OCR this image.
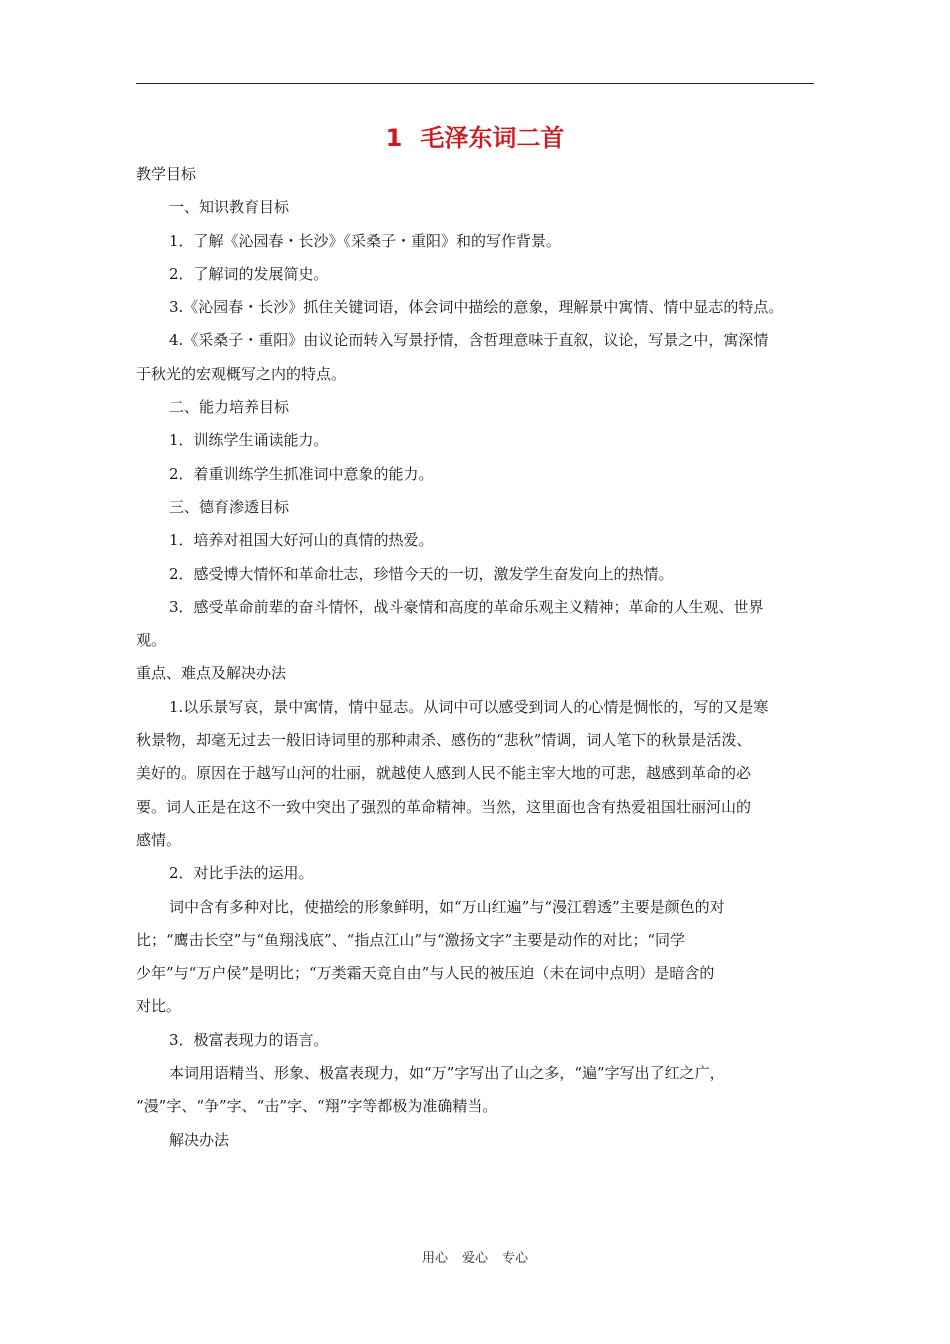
1 毛泽东词二首
教学目标
一、知识教育目标
1．了解《沁园春・长沙》《采桑子・重阳》和的写作背景。
2．了解词的发展简史。
3.《沁园春・长沙》抓住关键词语，体会词中描绘的意象，理解景中寓情、情中显志的特点。
4.《采桑子・重阳》由议论而转入写景抒情，含哲理意味于直叙，议论，写景之中，寓深情
于秋光的宏观概写之内的特点。
二、能力培养目标
1．训练学生诵读能力。
2．着重训练学生抓准词中意象的能力。
三、德育渗透目标
1．培养对祖国大好河山的真情的热爱。
2．感受博大情怀和革命壮志，珍惜今天的一切，激发学生奋发向上的热情。
3．感受革命前辈的奋斗情怀，战斗豪情和高度的革命乐观主义精神；革命的人生观、世界
观。
重点、难点及解决办法
1.以乐景写哀，景中寓情，情中显志。从词中可以感受到词人的心情是惆怅的，写的又是寒
秋景物，却毫无过去一般旧诗词里的那种肃杀、感伤的“悲秋”情调，词人笔下的秋景是活泼、
美好的。原因在于越写山河的壮丽，就越使人感到人民不能主宰大地的可悲，越感到革命的必
要。词人正是在这不一致中突出了强烈的革命精神。当然，这里面也含有热爱祖国壮丽河山的
感情。
2．对比手法的运用。
词中含有多种对比，使描绘的形象鲜明，如“万山红遍”与“漫江碧透”主要是颜色的对
比；“鹰击长空”与“鱼翔浅底”、“指点江山”与“激扬文字”主要是动作的对比；“同学
少年”与“万户侯”是明比；“万类霜天竞自由”与人民的被压迫（未在词中点明）是暗含的
对比。
3．极富表现力的语言。
本词用语精当、形象、极富表现力，如“万”字写出了山之多，“遍”字写出了红之广，
“漫”字、“争”字、“击”字、“翔”字等都极为准确精当。
解决办法
用心 爱心 专心
